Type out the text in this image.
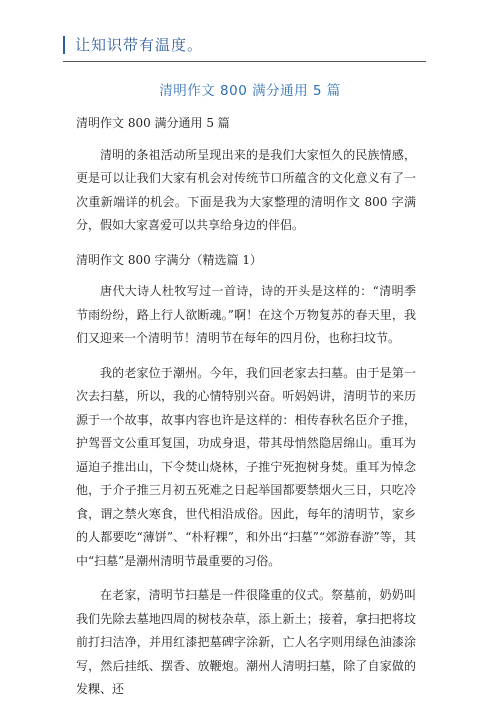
让知识带有温度。
清明作文 800 满分通用 5 篇

清明作文 800 满分通用 5 篇

清明的条祖活动所呈现出来的是我们大家恒久的民族情感，更是可以让我们大家有机会对传统节口所蕴含的文化意义有了一次重新端详的机会。下面是我为大家整理的清明作文 800 字满分，假如大家喜爱可以共享给身边的伴侣。

清明作文 800 字满分（精选篇 1）

唐代大诗人杜牧写过一首诗，诗的开头是这样的：“清明季节雨纷纷，路上行人欲断魂。”啊！在这个万物复苏的春天里，我们又迎来一个清明节！清明节在每年的四月份，也称扫坟节。

我的老家位于潮州。今年，我们回老家去扫墓。由于是第一次去扫墓，所以，我的心情特别兴奋。听妈妈讲，清明节的来历源于一个故事，故事内容也许是这样的：相传春秋名臣介子推，护驾晋文公重耳复国，功成身退，带其母悄然隐居绵山。重耳为逼迫子推出山，下令焚山烧林，子推宁死抱树身焚。重耳为悼念他，于介子推三月初五死难之日起举国都要禁烟火三日，只吃冷食，谓之禁火寒食，世代相沿成俗。因此，每年的清明节，家乡的人都要吃“薄饼”、“朴籽粿”，和外出“扫墓”“郊游春游”等，其中“扫墓”是潮州清明节最重要的习俗。

在老家，清明节扫墓是一件很隆重的仪式。祭墓前，奶奶叫我们先除去墓地四周的树枝杂草，添上新土；接着，拿扫把将坟前打扫洁净，并用红漆把墓碑字涂新，亡人名字则用绿色油漆涂写，然后挂纸、摆香、放鞭炮。潮州人清明扫墓，除了自家做的发粿、还
